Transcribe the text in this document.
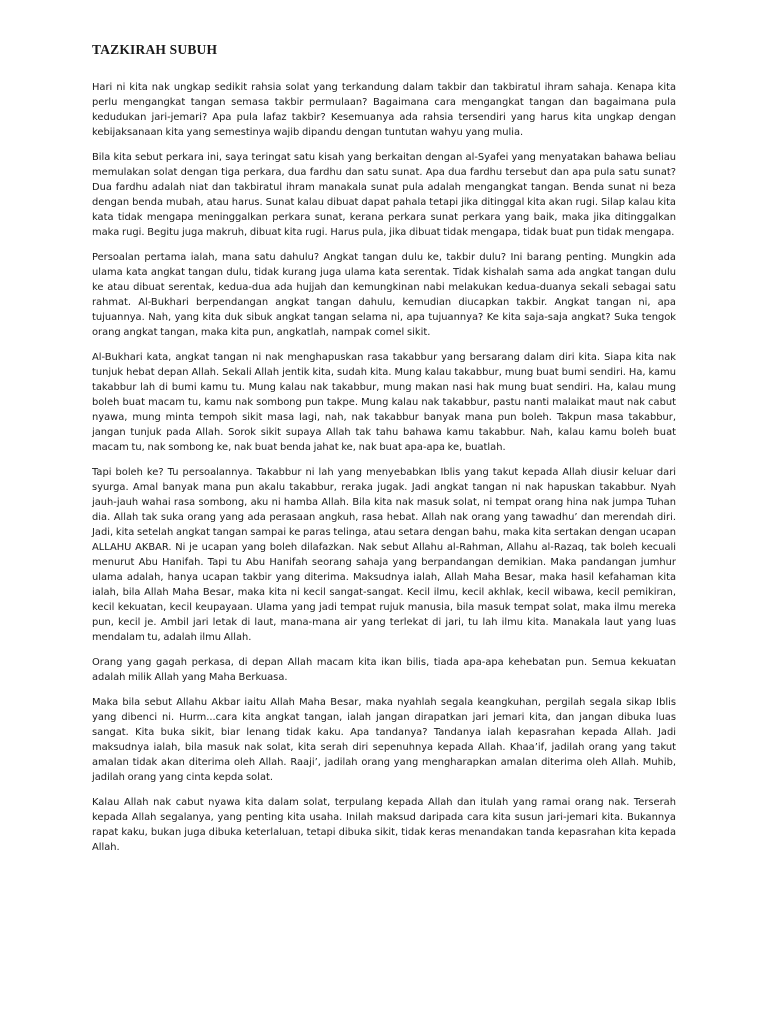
TAZKIRAH SUBUH

Hari ni kita nak ungkap sedikit rahsia solat yang terkandung dalam takbir dan takbiratul ihram sahaja. Kenapa kita perlu mengangkat tangan semasa takbir permulaan? Bagaimana cara mengangkat tangan dan bagaimana pula kedudukan jari-jemari? Apa pula lafaz takbir? Kesemuanya ada rahsia tersendiri yang harus kita ungkap dengan kebijaksanaan kita yang semestinya wajib dipandu dengan tuntutan wahyu yang mulia.

Bila kita sebut perkara ini, saya teringat satu kisah yang berkaitan dengan al-Syafei yang menyatakan bahawa beliau memulakan solat dengan tiga perkara, dua fardhu dan satu sunat. Apa dua fardhu tersebut dan apa pula satu sunat? Dua fardhu adalah niat dan takbiratul ihram manakala sunat pula adalah mengangkat tangan. Benda sunat ni beza dengan benda mubah, atau harus. Sunat kalau dibuat dapat pahala tetapi jika ditinggal kita akan rugi. Silap kalau kita kata tidak mengapa meninggalkan perkara sunat, kerana perkara sunat perkara yang baik, maka jika ditinggalkan maka rugi. Begitu juga makruh, dibuat kita rugi. Harus pula, jika dibuat tidak mengapa, tidak buat pun tidak mengapa.

Persoalan pertama ialah, mana satu dahulu? Angkat tangan dulu ke, takbir dulu? Ini barang penting. Mungkin ada ulama kata angkat tangan dulu, tidak kurang juga ulama kata serentak. Tidak kishalah sama ada angkat tangan dulu ke atau dibuat serentak, kedua-dua ada hujjah dan kemungkinan nabi melakukan kedua-duanya sekali sebagai satu rahmat. Al-Bukhari berpendangan angkat tangan dahulu, kemudian diucapkan takbir. Angkat tangan ni, apa tujuannya. Nah, yang kita duk sibuk angkat tangan selama ni, apa tujuannya? Ke kita saja-saja angkat? Suka tengok orang angkat tangan, maka kita pun, angkatlah, nampak comel sikit.

Al-Bukhari kata, angkat tangan ni nak menghapuskan rasa takabbur yang bersarang dalam diri kita. Siapa kita nak tunjuk hebat depan Allah. Sekali Allah jentik kita, sudah kita. Mung kalau takabbur, mung buat bumi sendiri. Ha, kamu takabbur lah di bumi kamu tu. Mung kalau nak takabbur, mung makan nasi hak mung buat sendiri. Ha, kalau mung boleh buat macam tu, kamu nak sombong pun takpe. Mung kalau nak takabbur, pastu nanti malaikat maut nak cabut nyawa, mung minta tempoh sikit masa lagi, nah, nak takabbur banyak mana pun boleh. Takpun masa takabbur, jangan tunjuk pada Allah. Sorok sikit supaya Allah tak tahu bahawa kamu takabbur. Nah, kalau kamu boleh buat macam tu, nak sombong ke, nak buat benda jahat ke, nak buat apa-apa ke, buatlah.

Tapi boleh ke? Tu persoalannya. Takabbur ni lah yang menyebabkan Iblis yang takut kepada Allah diusir keluar dari syurga. Amal banyak mana pun akalu takabbur, reraka jugak. Jadi angkat tangan ni nak hapuskan takabbur. Nyah jauh-jauh wahai rasa sombong, aku ni hamba Allah. Bila kita nak masuk solat, ni tempat orang hina nak jumpa Tuhan dia. Allah tak suka orang yang ada perasaan angkuh, rasa hebat. Allah nak orang yang tawadhu’ dan merendah diri. Jadi, kita setelah angkat tangan sampai ke paras telinga, atau setara dengan bahu, maka kita sertakan dengan ucapan ALLAHU AKBAR. Ni je ucapan yang boleh dilafazkan. Nak sebut Allahu al-Rahman, Allahu al-Razaq, tak boleh kecuali menurut Abu Hanifah. Tapi tu Abu Hanifah seorang sahaja yang berpandangan demikian. Maka pandangan jumhur ulama adalah, hanya ucapan takbir yang diterima. Maksudnya ialah, Allah Maha Besar, maka hasil kefahaman kita ialah, bila Allah Maha Besar, maka kita ni kecil sangat-sangat. Kecil ilmu, kecil akhlak, kecil wibawa, kecil pemikiran, kecil kekuatan, kecil keupayaan. Ulama yang jadi tempat rujuk manusia, bila masuk tempat solat, maka ilmu mereka pun, kecil je. Ambil jari letak di laut, mana-mana air yang terlekat di jari, tu lah ilmu kita. Manakala laut yang luas mendalam tu, adalah ilmu Allah.

Orang yang gagah perkasa, di depan Allah macam kita ikan bilis, tiada apa-apa kehebatan pun. Semua kekuatan adalah milik Allah yang Maha Berkuasa.

Maka bila sebut Allahu Akbar iaitu Allah Maha Besar, maka nyahlah segala keangkuhan, pergilah segala sikap Iblis yang dibenci ni. Hurm...cara kita angkat tangan, ialah jangan dirapatkan jari jemari kita, dan jangan dibuka luas sangat. Kita buka sikit, biar lenang tidak kaku. Apa tandanya? Tandanya ialah kepasrahan kepada Allah. Jadi maksudnya ialah, bila masuk nak solat, kita serah diri sepenuhnya kepada Allah. Khaa’if, jadilah orang yang takut amalan tidak akan diterima oleh Allah. Raaji’, jadilah orang yang mengharapkan amalan diterima oleh Allah. Muhib, jadilah orang yang cinta kepda solat.

Kalau Allah nak cabut nyawa kita dalam solat, terpulang kepada Allah dan itulah yang ramai orang nak. Terserah kepada Allah segalanya, yang penting kita usaha. Inilah maksud daripada cara kita susun jari-jemari kita. Bukannya rapat kaku, bukan juga dibuka keterlaluan, tetapi dibuka sikit, tidak keras menandakan tanda kepasrahan kita kepada Allah.
